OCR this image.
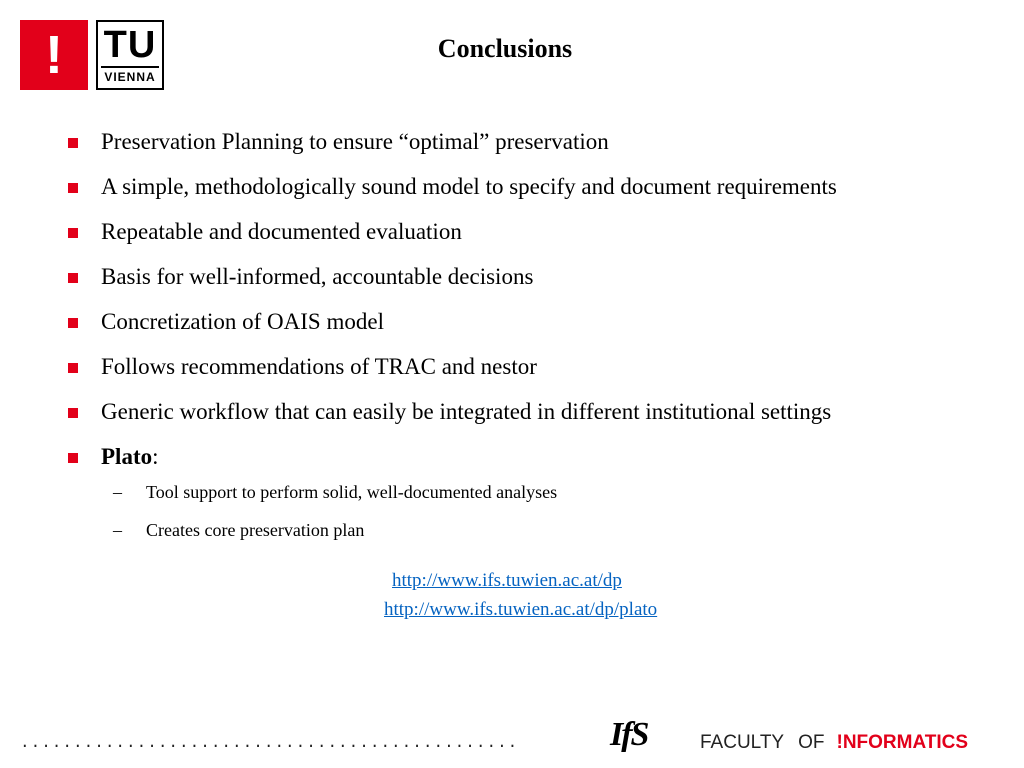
! TU
VIENNA
Conclusions
Preservation Planning to ensure “optimal” preservation
A simple, methodologically sound model to specify and document requirements
Repeatable and documented evaluation
Basis for well-informed, accountable decisions
Concretization of OAIS model
Follows recommendations of TRAC and nestor
Generic workflow that can easily be integrated in different institutional settings
Plato:
– Tool support to perform solid, well-documented analyses
– Creates core preservation plan
http://www.ifs.tuwien.ac.at/dp
http://www.ifs.tuwien.ac.at/dp/plato
...............................................	IfS	FACULTY OF !NFORMATICS
